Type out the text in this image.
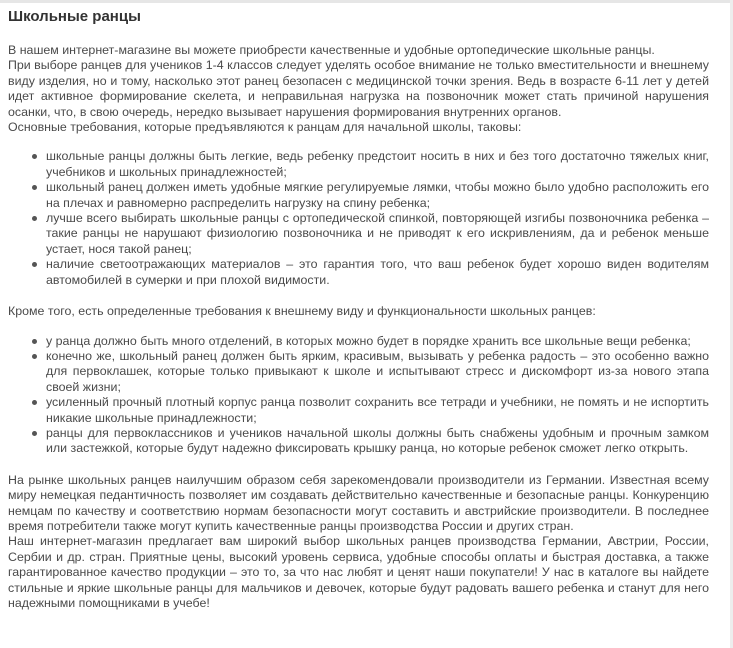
Школьные ранцы

В нашем интернет-магазине вы можете приобрести качественные и удобные ортопедические школьные ранцы.

При выборе ранцев для учеников 1-4 классов следует уделять особое внимание не только вместительности и внешнему виду изделия, но и тому, насколько этот ранец безопасен с медицинской точки зрения. Ведь в возрасте 6-11 лет у детей идет активное формирование скелета, и неправильная нагрузка на позвоночник может стать причиной нарушения осанки, что, в свою очередь, нередко вызывает нарушения формирования внутренних органов.

Основные требования, которые предъявляются к ранцам для начальной школы, таковы:

школьные ранцы должны быть легкие, ведь ребенку предстоит носить в них и без того достаточно тяжелых книг, учебников и школьных принадлежностей;
школьный ранец должен иметь удобные мягкие регулируемые лямки, чтобы можно было удобно расположить его на плечах и равномерно распределить нагрузку на спину ребенка;
лучше всего выбирать школьные ранцы с ортопедической спинкой, повторяющей изгибы позвоночника ребенка – такие ранцы не нарушают физиологию позвоночника и не приводят к его искривлениям, да и ребенок меньше устает, нося такой ранец;
наличие светоотражающих материалов – это гарантия того, что ваш ребенок будет хорошо виден водителям автомобилей в сумерки и при плохой видимости.

Кроме того, есть определенные требования к внешнему виду и функциональности школьных ранцев:

у ранца должно быть много отделений, в которых можно будет в порядке хранить все школьные вещи ребенка;
конечно же, школьный ранец должен быть ярким, красивым, вызывать у ребенка радость – это особенно важно для первоклашек, которые только привыкают к школе и испытывают стресс и дискомфорт из-за нового этапа своей жизни;
усиленный прочный плотный корпус ранца позволит сохранить все тетради и учебники, не помять и не испортить никакие школьные принадлежности;
ранцы для первоклассников и учеников начальной школы должны быть снабжены удобным и прочным замком или застежкой, которые будут надежно фиксировать крышку ранца, но которые ребенок сможет легко открыть.

На рынке школьных ранцев наилучшим образом себя зарекомендовали производители из Германии. Известная всему миру немецкая педантичность позволяет им создавать действительно качественные и безопасные ранцы. Конкуренцию немцам по качеству и соответствию нормам безопасности могут составить и австрийские производители. В последнее время потребители также могут купить качественные ранцы производства России и других стран.

Наш интернет-магазин предлагает вам широкий выбор школьных ранцев производства Германии, Австрии, России, Сербии и др. стран. Приятные цены, высокий уровень сервиса, удобные способы оплаты и быстрая доставка, а также гарантированное качество продукции – это то, за что нас любят и ценят наши покупатели! У нас в каталоге вы найдете стильные и яркие школьные ранцы для мальчиков и девочек, которые будут радовать вашего ребенка и станут для него надежными помощниками в учебе!
